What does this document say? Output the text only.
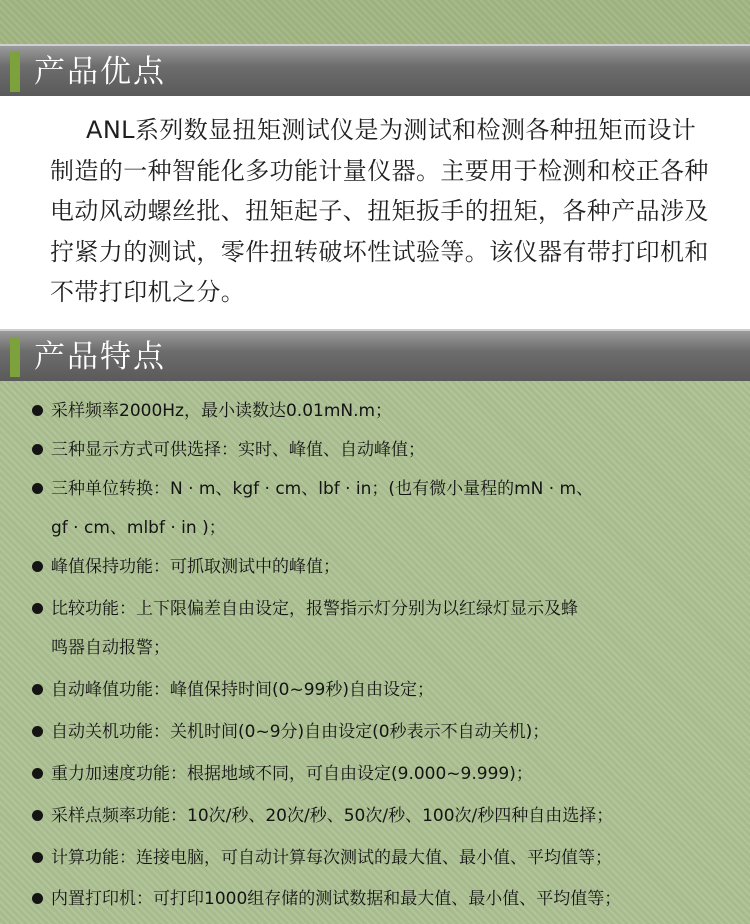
产品优点
ANL系列数显扭矩测试仪是为测试和检测各种扭矩而设计制造的一种智能化多功能计量仪器。主要用于检测和校正各种电动风动螺丝批、扭矩起子、扭矩扳手的扭矩，各种产品涉及拧紧力的测试，零件扭转破坏性试验等。该仪器有带打印机和不带打印机之分。
产品特点
采样频率2000Hz，最小读数达0.01mN.m；
三种显示方式可供选择：实时、峰值、自动峰值；
三种单位转换：N · m、kgf · cm、lbf · in；(也有微小量程的mN · m、
gf · cm、mlbf · in )；
峰值保持功能：可抓取测试中的峰值；
比较功能：上下限偏差自由设定，报警指示灯分别为以红绿灯显示及蜂
鸣器自动报警；
自动峰值功能：峰值保持时间(0~99秒)自由设定；
自动关机功能：关机时间(0~9分)自由设定(0秒表示不自动关机)；
重力加速度功能：根据地域不同，可自由设定(9.000~9.999)；
采样点频率功能：10次/秒、20次/秒、50次/秒、100次/秒四种自由选择；
计算功能：连接电脑，可自动计算每次测试的最大值、最小值、平均值等；
内置打印机：可打印1000组存储的测试数据和最大值、最小值、平均值等；
